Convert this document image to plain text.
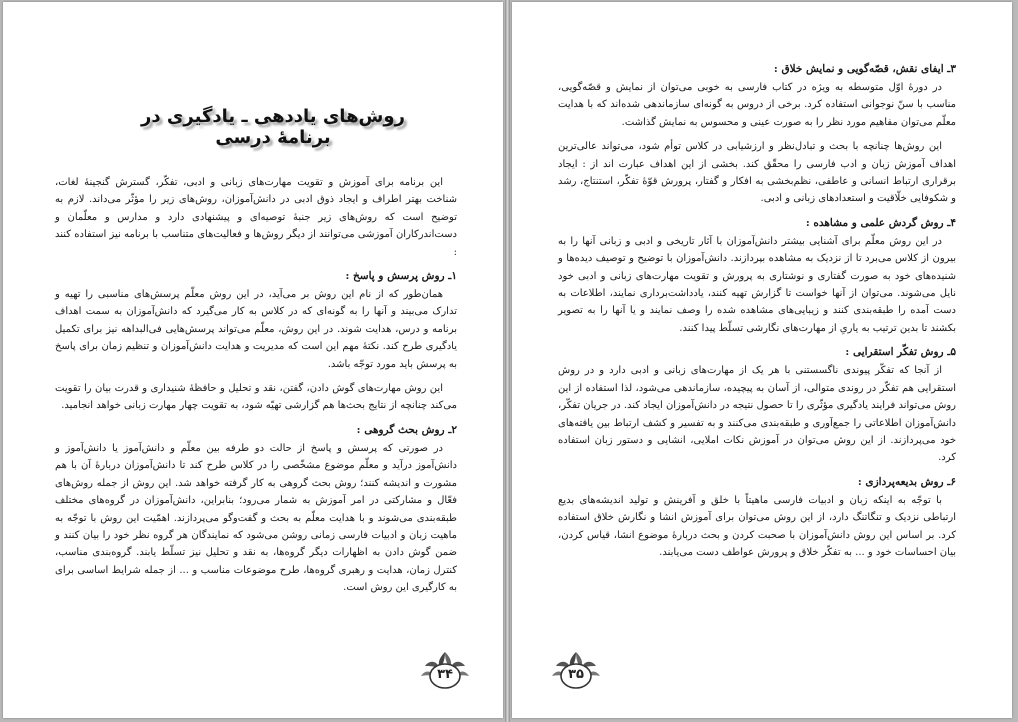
روش‌های یاددهی ـ یادگیری در برنامهٔ درسی

این برنامه برای آموزش و تقویت مهارت‌های زبانی و ادبی، تفکّر، گسترش گنجینهٔ لغات، شناخت بهتر اطراف و ایجاد ذوق ادبی در دانش‌آموزان، روش‌های زیر را مؤثّر می‌داند. لازم به توضیح است که روش‌های زیر جنبهٔ توصیه‌ای و پیشنهادی دارد و مدارس و معلّمان و دست‌اندرکاران آموزشی می‌توانند از دیگر روش‌ها و فعالیت‌های متناسب با برنامه نیز استفاده کنند :

۱ـ روش پرسش و پاسخ :

همان‌طور که از نام این روش بر می‌آید، در این روش معلّم پرسش‌های مناسبی را تهیه و تدارک می‌بیند و آنها را به گونه‌ای که در کلاس به کار می‌گیرد که دانش‌آموزان به سمت اهداف برنامه و درس، هدایت شوند. در این روش، معلّم می‌تواند پرسش‌هایی فی‌البداهه نیز برای تکمیل یادگیری طرح کند. نکتهٔ مهم این است که مدیریت و هدایت دانش‌آموزان و تنظیم زمان برای پاسخ به پرسش باید مورد توجّه باشد.

این روش مهارت‌های گوش دادن، گفتن، نقد و تحلیل و حافظهٔ شنیداری و قدرت بیان را تقویت می‌کند چنانچه از نتایج بحث‌ها هم گزارشی تهیّه شود، به تقویت چهار مهارت زبانی خواهد انجامید.

۲ـ روش بحث گروهی :

در صورتی که پرسش و پاسخ از حالت دو طرفه بین معلّم و دانش‌آموز یا دانش‌آموز و دانش‌آموز درآید و معلّم موضوع مشخّصی را در کلاس طرح کند تا دانش‌آموزان دربارهٔ آن با هم مشورت و اندیشه کنند؛ روش بحث گروهی به کار گرفته خواهد شد. این روش از جمله روش‌های فعّال و مشارکتی در امر آموزش به شمار می‌رود؛ بنابراین، دانش‌آموزان در گروه‌های مختلف طبقه‌بندی می‌شوند و با هدایت معلّم به بحث و گفت‌وگو می‌پردازند. اهمّیت این روش با توجّه به ماهیت زبان و ادبیات فارسی زمانی روشن می‌شود که نمایندگان هر گروه نظر خود را بیان کنند و ضمن گوش دادن به اظهارات دیگر گروه‌ها، به نقد و تحلیل نیز تسلّط یابند. گروه‌بندی مناسب، کنترل زمان، هدایت و رهبری گروه‌ها، طرح موضوعات مناسب و ... از جمله شرایط اساسی برای به کارگیری این روش است.

۳۴
۳ـ ایفای نقش، قصّه‌گویی و نمایش خلاق :

در دورهٔ اوّل متوسطه به ویژه در کتاب فارسی به خوبی می‌توان از نمایش و قصّه‌گویی، مناسب با سنّ نوجوانی استفاده کرد. برخی از دروس به گونه‌ای سازماندهی شده‌اند که با هدایت معلّم می‌توان مفاهیم مورد نظر را به صورت عینی و محسوس به نمایش گذاشت.

این روش‌ها چنانچه با بحث و تبادل‌نظر و ارزشیابی در کلاس توأم شود، می‌تواند عالی‌ترین اهداف آموزش زبان و ادب فارسی را محقّق کند. بخشی از این اهداف عبارت اند از : ایجاد برقراری ارتباط انسانی و عاطفی، نظم‌بخشی به افکار و گفتار، پرورش قوّهٔ تفکّر، استنتاج، رشد و شکوفایی خلّاقیت و استعدادهای زبانی و ادبی.

۴ـ روش گردش علمی و مشاهده :

در این روش معلّم برای آشنایی بیشتر دانش‌آموزان با آثار تاریخی و ادبی و زبانی آنها را به بیرون از کلاس می‌برد تا از نزدیک به مشاهده بپردازند. دانش‌آموزان با توضیح و توصیف دیده‌ها و شنیده‌های خود به صورت گفتاری و نوشتاری به پرورش و تقویت مهارت‌های زبانی و ادبی خود نایل می‌شوند. می‌توان از آنها خواست تا گزارش تهیه کنند، یادداشت‌برداری نمایند، اطلاعات به دست آمده را طبقه‌بندی کنند و زیبایی‌های مشاهده شده را وصف نمایند و یا آنها را به تصویر بکشند تا بدین ترتیب به یاریِ از مهارت‌های نگارشی تسلّط پیدا کنند.

۵ـ روش تفکّر استقرایی :

از آنجا که تفکّر پیوندی ناگسستنی با هر یک از مهارت‌های زبانی و ادبی دارد و در روش استقرایی هم تفکّر در روندی متوالی، از آسان به پیچیده، سازماندهی می‌شود، لذا استفاده از این روش می‌تواند فرایند یادگیری مؤثّری را تا حصول نتیجه در دانش‌آموزان ایجاد کند. در جریان تفکّر، دانش‌آموزان اطلاعاتی را جمع‌آوری و طبقه‌بندی می‌کنند و به تفسیر و کشف ارتباط بین یافته‌های خود می‌پردازند. از این روش می‌توان در آموزش نکات املایی، انشایی و دستور زبان استفاده کرد.

۶ـ روش بدیعه‌پردازی :

با توجّه به اینکه زبان و ادبیات فارسی ماهیتاً با خلق و آفرینش و تولید اندیشه‌های بدیع ارتباطی نزدیک و تنگاتنگ دارد، از این روش می‌توان برای آموزش انشا و نگارش خلاق استفاده کرد. بر اساس این روش دانش‌آموزان با صحبت کردن و بحث دربارهٔ موضوع انشا، قیاس کردن، بیان احساسات خود و ... به تفکّر خلاق و پرورش عواطف دست می‌یابند.

۳۵
